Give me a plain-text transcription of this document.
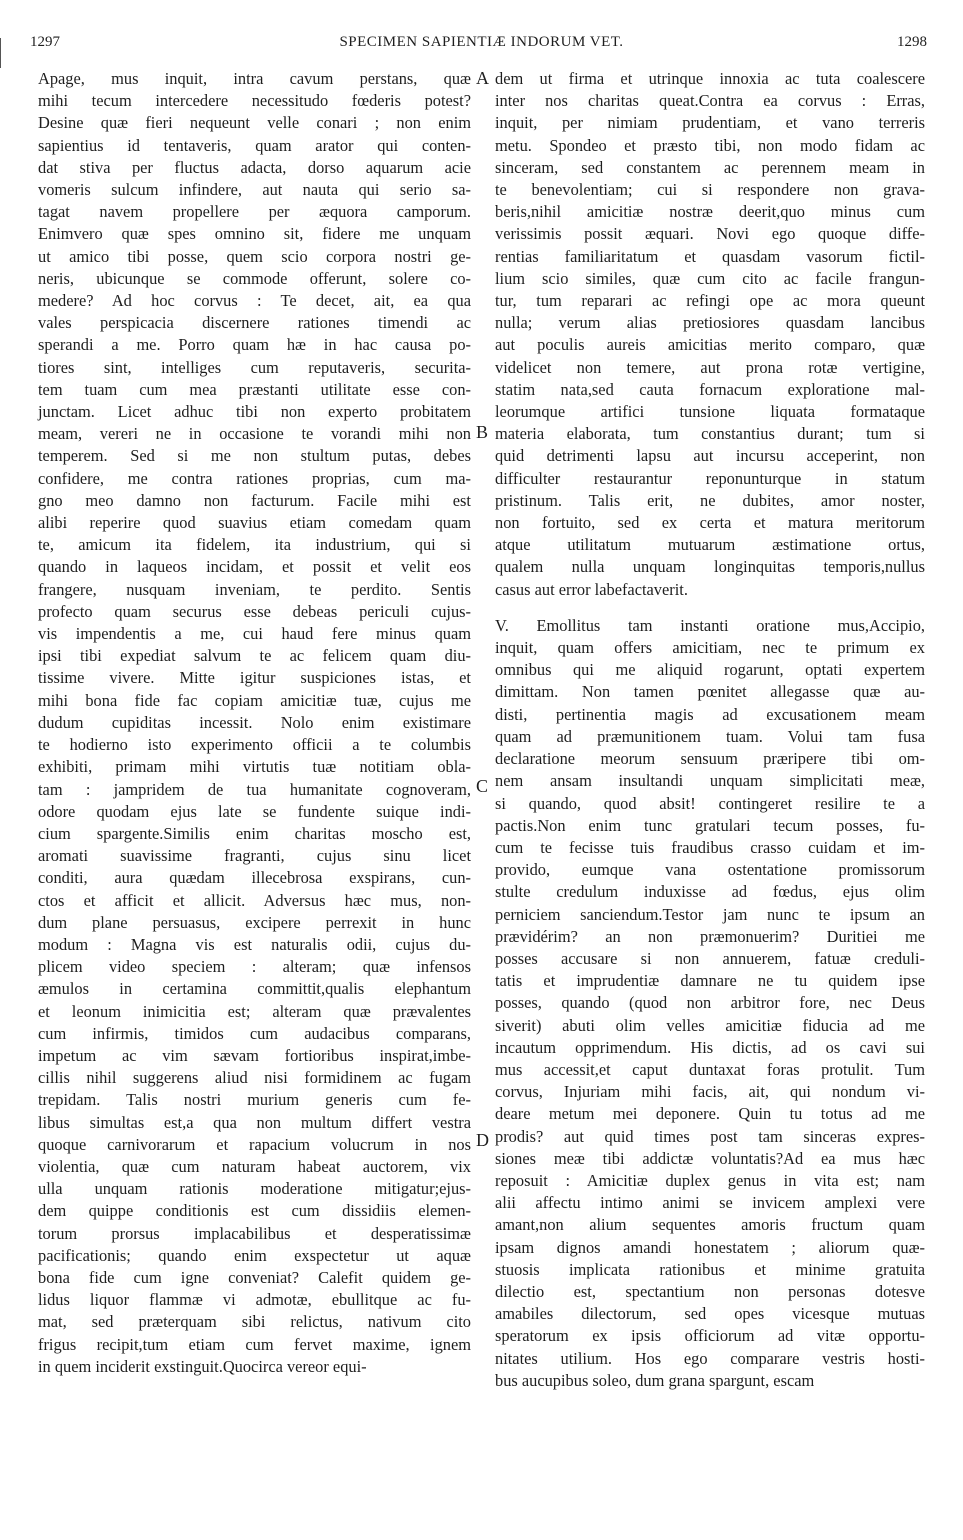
1297	SPECIMEN SAPIENTIÆ INDORUM VET.	1298
Apage, mus inquit, intra cavum perstans, quæ
mihi tecum intercedere necessitudo fœderis potest?
Desine quæ fieri nequeunt velle conari ; non enim
sapientius id tentaveris, quam arator qui conten-
dat stiva per fluctus adacta, dorso aquarum acie
vomeris sulcum infindere, aut nauta qui serio sa-
tagat navem propellere per æquora camporum.
Enimvero quæ spes omnino sit, fidere me unquam
ut amico tibi posse, quem scio corpora nostri ge-
neris, ubicunque se commode offerunt, solere co-
medere? Ad hoc corvus : Te decet, ait, ea qua
vales perspicacia discernere rationes timendi ac
sperandi a me. Porro quam hæ in hac causa po-
tiores sint, intelliges cum reputaveris, securita-
tem tuam cum mea præstanti utilitate esse con-
junctam. Licet adhuc tibi non experto probitatem
meam, vereri ne in occasione te vorandi mihi non
temperem. Sed si me non stultum putas, debes
confidere, me contra rationes proprias, cum ma-
gno meo damno non facturum. Facile mihi est
alibi reperire quod suavius etiam comedam quam
te, amicum ita fidelem, ita industrium, qui si
quando in laqueos incidam, et possit et velit eos
frangere, nusquam inveniam, te perdito. Sentis
profecto quam securus esse debeas periculi cujus-
vis impendentis a me, cui haud fere minus quam
ipsi tibi expediat salvum te ac felicem quam diu-
tissime vivere. Mitte igitur suspiciones istas, et
mihi bona fide fac copiam amicitiæ tuæ, cujus me
dudum cupiditas incessit. Nolo enim existimare
te hodierno isto experimento officii a te columbis
exhibiti, primam mihi virtutis tuæ notitiam obla-
tam : jampridem de tua humanitate cognoveram,
odore quodam ejus late se fundente suique indi-
cium spargente.Similis enim charitas moscho est,
aromati suavissime fragranti, cujus sinu licet
conditi, aura quædam illecebrosa exspirans, cun-
ctos et afficit et allicit. Adversus hæc mus, non-
dum plane persuasus, excipere perrexit in hunc
modum : Magna vis est naturalis odii, cujus du-
plicem video speciem : alteram; quæ infensos
æmulos in certamina committit,qualis elephantum
et leonum inimicitia est; alteram quæ prævalentes
cum infirmis, timidos cum audacibus comparans,
impetum ac vim sævam fortioribus inspirat,imbe-
cillis nihil suggerens aliud nisi formidinem ac fugam
trepidam. Talis nostri murium generis cum fe-
libus simultas est,a qua non multum differt vestra
quoque carnivorarum et rapacium volucrum in nos
violentia, quæ cum naturam habeat auctorem, vix
ulla unquam rationis moderatione mitigatur;ejus-
dem quippe conditionis est cum dissidiis elemen-
torum prorsus implacabilibus et desperatissimæ
pacificationis; quando enim exspectetur ut aquæ
bona fide cum igne conveniat? Calefit quidem ge-
lidus liquor flammæ vi admotæ, ebullitque ac fu-
mat, sed præterquam sibi relictus, nativum cito
frigus recipit,tum etiam cum fervet maxime, ignem
in quem inciderit exstinguit.Quocirca vereor equi-
dem ut firma et utrinque innoxia ac tuta coalescere
inter nos charitas queat.Contra ea corvus : Erras,
inquit, per nimiam prudentiam, et vano terreris
metu. Spondeo et præsto tibi, non modo fidam ac
sinceram, sed constantem ac perennem meam in
te benevolentiam; cui si respondere non grava-
beris,nihil amicitiæ nostræ deerit,quo minus cum
verissimis possit æquari. Novi ego quoque diffe-
rentias familiaritatum et quasdam vasorum fictil-
lium scio similes, quæ cum cito ac facile frangun-
tur, tum reparari ac refingi ope ac mora queunt
nulla; verum alias pretiosiores quasdam lancibus
aut poculis aureis amicitias merito comparo, quæ
videlicet non temere, aut prona rotæ vertigine,
statim nata,sed cauta fornacum exploratione mal-
leorumque artifici tunsione liquata formataque
materia elaborata, tum constantius durant; tum si
quid detrimenti lapsu aut incursu acceperint, non
difficulter restaurantur reponunturque in statum
pristinum. Talis erit, ne dubites, amor noster,
non fortuito, sed ex certa et matura meritorum
atque utilitatum mutuarum æstimatione ortus,
qualem nulla unquam longinquitas temporis,nullus
casus aut error labefactaverit.
V. Emollitus tam instanti oratione mus,Accipio,
inquit, quam offers amicitiam, nec te primum ex
omnibus qui me aliquid rogarunt, optati expertem
dimittam. Non tamen pœnitet allegasse quæ au-
disti, pertinentia magis ad excusationem meam
quam ad præmunitionem tuam. Volui tam fusa
declaratione meorum sensuum præripere tibi om-
nem ansam insultandi unquam simplicitati meæ,
si quando, quod absit! contingeret resilire te a
pactis.Non enim tunc gratulari tecum posses, fu-
cum te fecisse tuis fraudibus crasso cuidam et im-
provido, eumque vana ostentatione promissorum
stulte credulum induxisse ad fœdus, ejus olim
perniciem sanciendum.Testor jam nunc te ipsum an
prævidérim? an non præmonuerim? Duritiei me
posses accusare si non annuerem, fatuæ creduli-
tatis et imprudentiæ damnare ne tu quidem ipse
posses, quando (quod non arbitror fore, nec Deus
siverit) abuti olim velles amicitiæ fiducia ad me
incautum opprimendum. His dictis, ad os cavi sui
mus accessit,et caput duntaxat foras protulit. Tum
corvus, Injuriam mihi facis, ait, qui nondum vi-
deare metum mei deponere. Quin tu totus ad me
prodis? aut quid times post tam sinceras expres-
siones meæ tibi addictæ voluntatis?Ad ea mus hæc
reposuit : Amicitiæ duplex genus in vita est; nam
alii affectu intimo animi se invicem amplexi vere
amant,non alium sequentes amoris fructum quam
ipsam dignos amandi honestatem ; aliorum quæ-
stuosis implicata rationibus et minime gratuita
dilectio est, spectantium non personas dotesve
amabiles dilectorum, sed opes vicesque mutuas
speratorum ex ipsis officiorum ad vitæ opportu-
nitates utilium. Hos ego comparare vestris hosti-
bus aucupibus soleo, dum grana spargunt, escam
A
B
C
D
